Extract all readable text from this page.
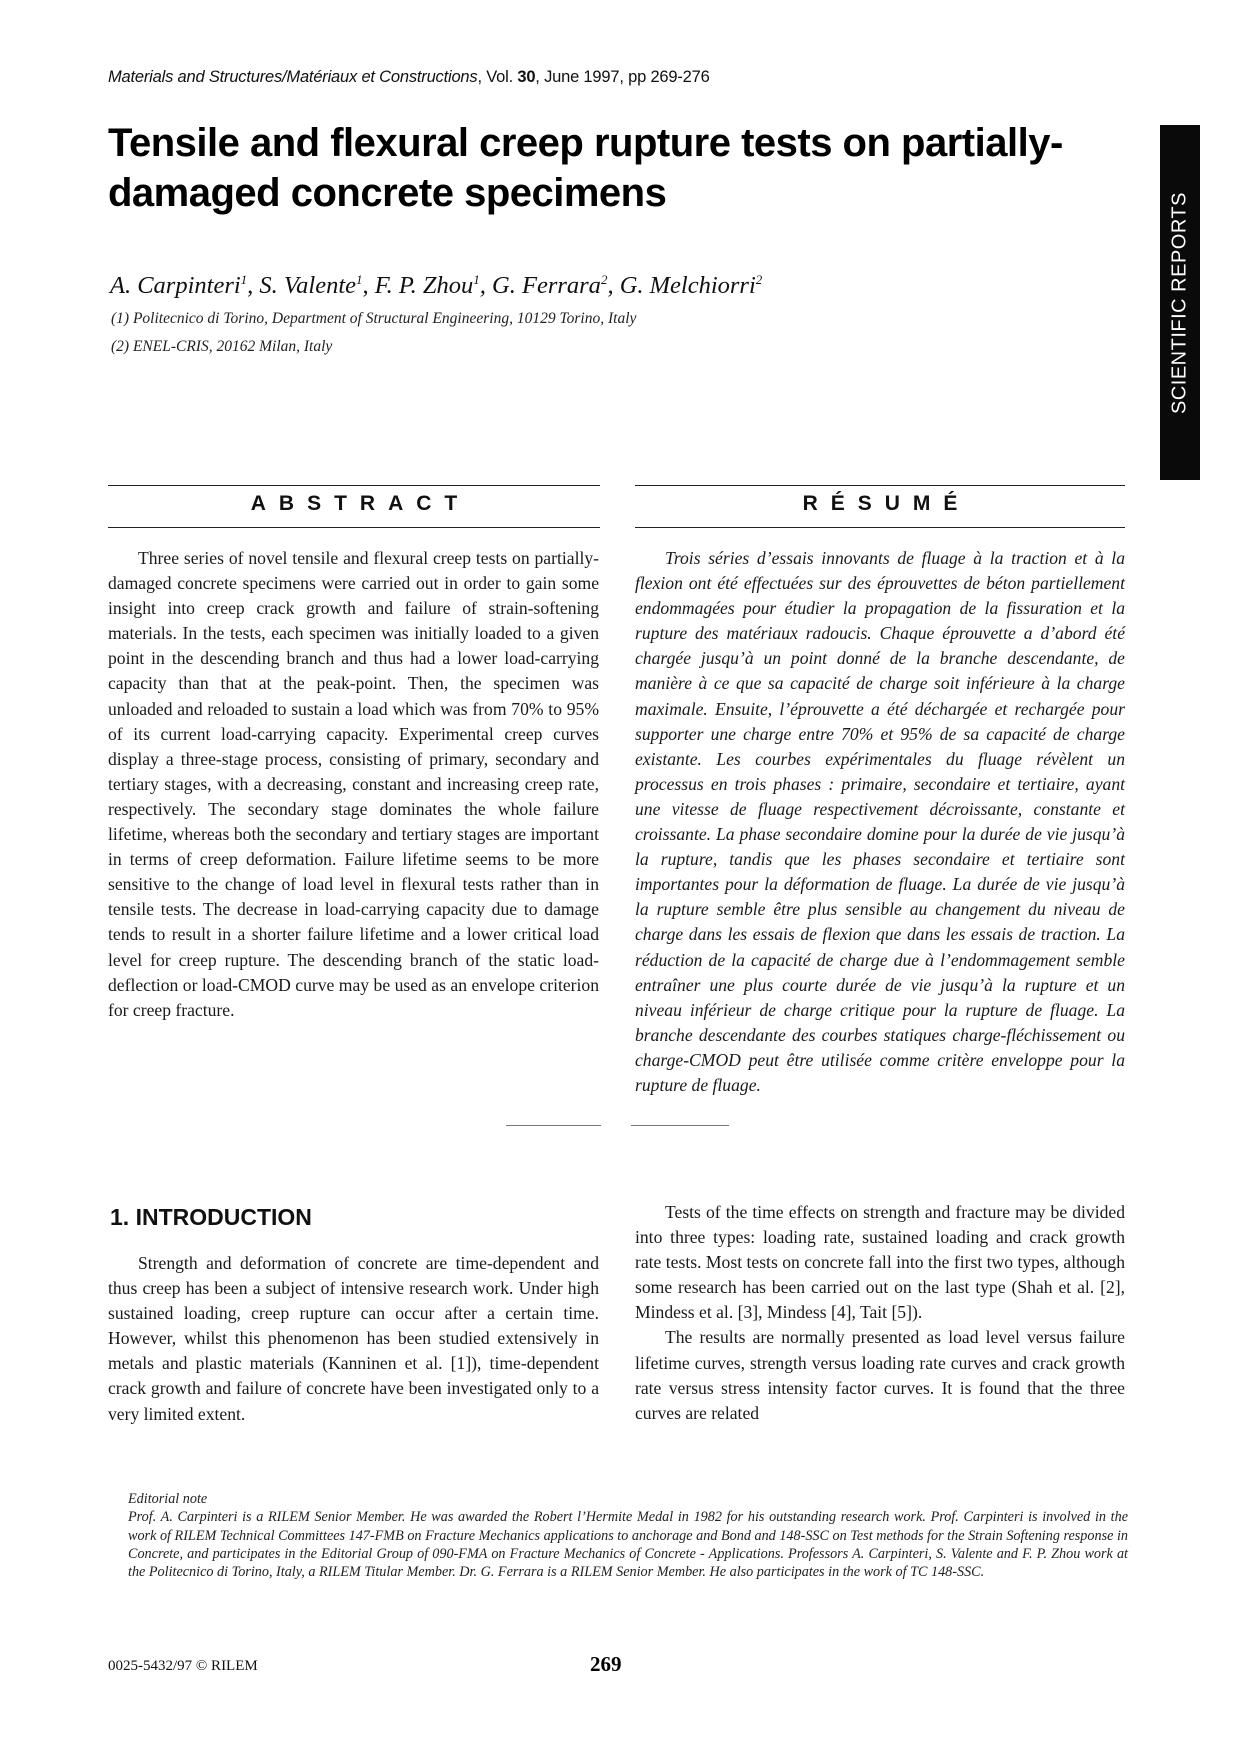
Materials and Structures/Matériaux et Constructions, Vol. 30, June 1997, pp 269-276
SCIENTIFIC REPORTS
Tensile and flexural creep rupture tests on partially-
damaged concrete specimens
A. Carpinteri$^1$, S. Valente$^1$, F. P. Zhou$^1$, G. Ferrara$^2$, G. Melchiorri$^2$
(1) Politecnico di Torino, Department of Structural Engineering, 10129 Torino, Italy
(2) ENEL-CRIS, 20162 Milan, Italy
ABSTRACT

Three series of novel tensile and flexural creep tests on partially-damaged concrete specimens were carried out in order to gain some insight into creep crack growth and failure of strain-softening materials. In the tests, each specimen was initially loaded to a given point in the descending branch and thus had a lower load-carrying capacity than that at the peak-point. Then, the specimen was unloaded and reloaded to sustain a load which was from 70% to 95% of its current load-carrying capacity. Experimental creep curves display a three-stage process, consisting of primary, secondary and tertiary stages, with a decreasing, constant and increasing creep rate, respectively. The secondary stage dominates the whole failure lifetime, whereas both the secondary and tertiary stages are important in terms of creep deformation. Failure lifetime seems to be more sensitive to the change of load level in flexural tests rather than in tensile tests. The decrease in load-carrying capacity due to damage tends to result in a shorter failure lifetime and a lower critical load level for creep rupture. The descending branch of the static load-deflection or load-CMOD curve may be used as an envelope criterion for creep fracture.

RÉSUMÉ

Trois séries d’essais innovants de fluage à la traction et à la flexion ont été effectuées sur des éprouvettes de béton partiellement endommagées pour étudier la propagation de la fissuration et la rupture des matériaux radoucis. Chaque éprouvette a d’abord été chargée jusqu’à un point donné de la branche descendante, de manière à ce que sa capacité de charge soit inférieure à la charge maximale. Ensuite, l’éprouvette a été déchargée et rechargée pour supporter une charge entre 70% et 95% de sa capacité de charge existante. Les courbes expérimentales du fluage révèlent un processus en trois phases : primaire, secondaire et tertiaire, ayant une vitesse de fluage respectivement décroissante, constante et croissante. La phase secondaire domine pour la durée de vie jusqu’à la rupture, tandis que les phases secondaire et tertiaire sont importantes pour la déformation de fluage. La durée de vie jusqu’à la rupture semble être plus sensible au changement du niveau de charge dans les essais de flexion que dans les essais de traction. La réduction de la capacité de charge due à l’endommagement semble entraîner une plus courte durée de vie jusqu’à la rupture et un niveau inférieur de charge critique pour la rupture de fluage. La branche descendante des courbes statiques charge-fléchissement ou charge-CMOD peut être utilisée comme critère enveloppe pour la rupture de fluage.

1. INTRODUCTION

Strength and deformation of concrete are time-dependent and thus creep has been a subject of intensive research work. Under high sustained loading, creep rupture can occur after a certain time. However, whilst this phenomenon has been studied extensively in metals and plastic materials (Kanninen et al. [1]), time-dependent crack growth and failure of concrete have been investigated only to a very limited extent.

Tests of the time effects on strength and fracture may be divided into three types: loading rate, sustained loading and crack growth rate tests. Most tests on concrete fall into the first two types, although some research has been carried out on the last type (Shah et al. [2], Mindess et al. [3], Mindess [4], Tait [5]).

The results are normally presented as load level versus failure lifetime curves, strength versus loading rate curves and crack growth rate versus stress intensity factor curves. It is found that the three curves are related

Editorial note
Prof. A. Carpinteri is a RILEM Senior Member. He was awarded the Robert l’Hermite Medal in 1982 for his outstanding research work. Prof. Carpinteri is involved in the work of RILEM Technical Committees 147-FMB on Fracture Mechanics applications to anchorage and Bond and 148-SSC on Test methods for the Strain Softening response in Concrete, and participates in the Editorial Group of 090-FMA on Fracture Mechanics of Concrete - Applications. Professors A. Carpinteri, S. Valente and F. P. Zhou work at the Politecnico di Torino, Italy, a RILEM Titular Member. Dr. G. Ferrara is a RILEM Senior Member. He also participates in the work of TC 148-SSC.
0025-5432/97 © RILEM	269
